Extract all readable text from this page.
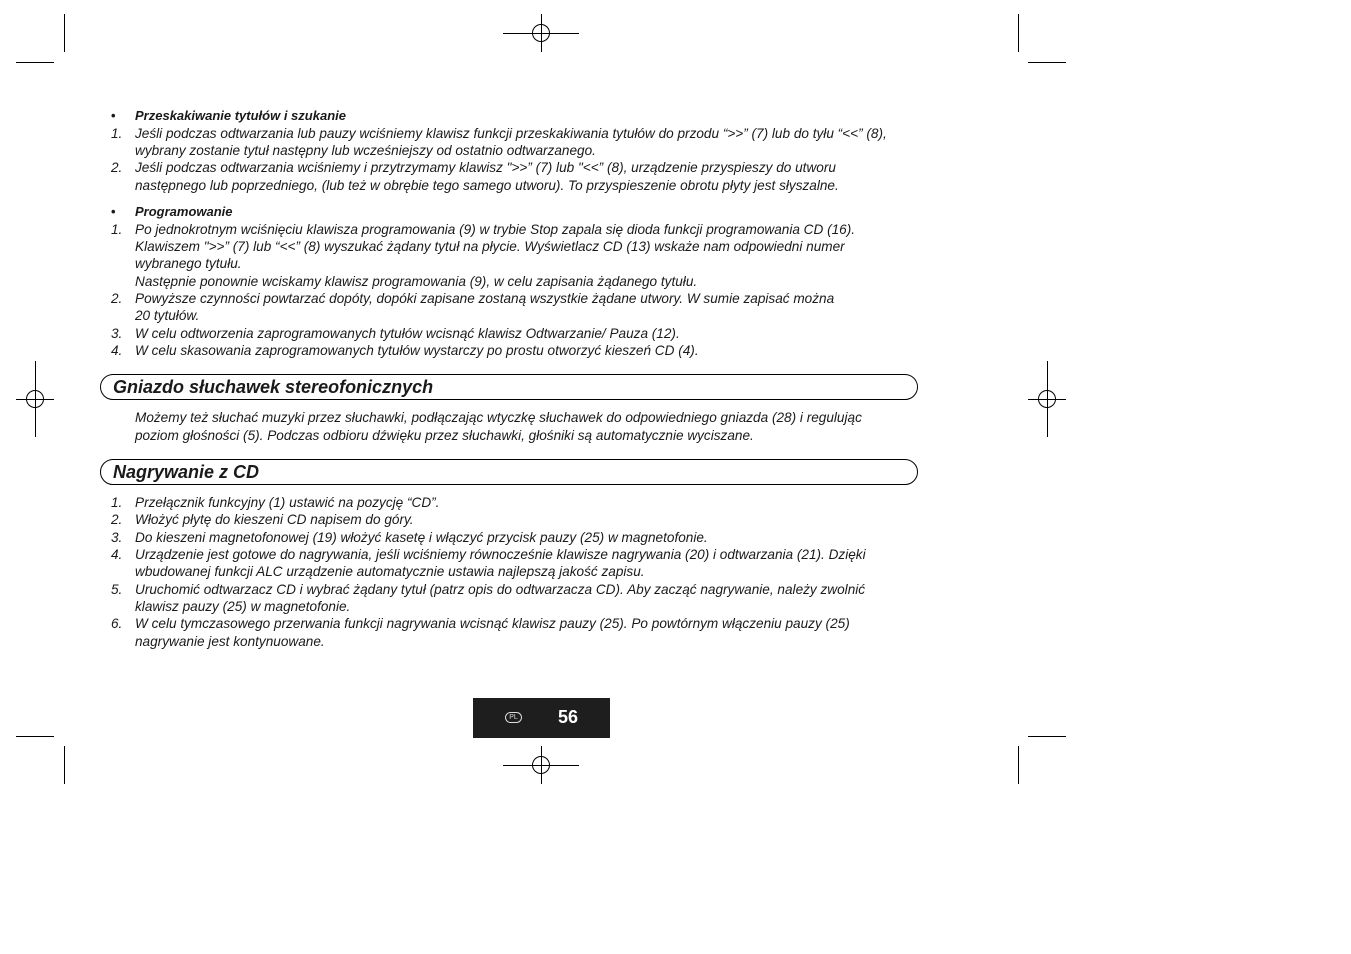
• Przeskakiwanie tytułów i szukanie
1. Jeśli podczas odtwarzania lub pauzy wciśniemy klawisz funkcji przeskakiwania tytułów do przodu “>>” (7) lub do tyłu “<<” (8),
wybrany zostanie tytuł następny lub wcześniejszy od ostatnio odtwarzanego.
2. Jeśli podczas odtwarzania wciśniemy i przytrzymamy klawisz ">>” (7) lub "<<” (8), urządzenie przyspieszy do utworu
następnego lub poprzedniego, (lub też w obrębie tego samego utworu). To przyspieszenie obrotu płyty jest słyszalne.
• Programowanie
1. Po jednokrotnym wciśnięciu klawisza programowania (9) w trybie Stop zapala się dioda funkcji programowania CD (16).
Klawiszem ">>” (7) lub “<<” (8) wyszukać żądany tytuł na płycie. Wyświetlacz CD (13) wskaże nam odpowiedni numer
wybranego tytułu.
Następnie ponownie wciskamy klawisz programowania (9), w celu zapisania żądanego tytułu.
2. Powyższe czynności powtarzać dopóty, dopóki zapisane zostaną wszystkie żądane utwory. W sumie zapisać można
20 tytułów.
3. W celu odtworzenia zaprogramowanych tytułów wcisnąć klawisz Odtwarzanie/ Pauza (12).
4. W celu skasowania zaprogramowanych tytułów wystarczy po prostu otworzyć kieszeń CD (4).
Gniazdo słuchawek stereofonicznych
Możemy też słuchać muzyki przez słuchawki, podłączając wtyczkę słuchawek do odpowiedniego gniazda (28) i regulując
poziom głośności (5). Podczas odbioru dźwięku przez słuchawki, głośniki są automatycznie wyciszane.
Nagrywanie z CD
1. Przełącznik funkcyjny (1) ustawić na pozycję “CD”.
2. Włożyć płytę do kieszeni CD napisem do góry.
3. Do kieszeni magnetofonowej (19) włożyć kasetę i włączyć przycisk pauzy (25) w magnetofonie.
4. Urządzenie jest gotowe do nagrywania, jeśli wciśniemy równocześnie klawisze nagrywania (20) i odtwarzania (21). Dzięki
wbudowanej funkcji ALC urządzenie automatycznie ustawia najlepszą jakość zapisu.
5. Uruchomić odtwarzacz CD i wybrać żądany tytuł (patrz opis do odtwarzacza CD). Aby zacząć nagrywanie, należy zwolnić
klawisz pauzy (25) w magnetofonie.
6. W celu tymczasowego przerwania funkcji nagrywania wcisnąć klawisz pauzy (25). Po powtórnym włączeniu pauzy (25)
nagrywanie jest kontynuowane.
PL 56
